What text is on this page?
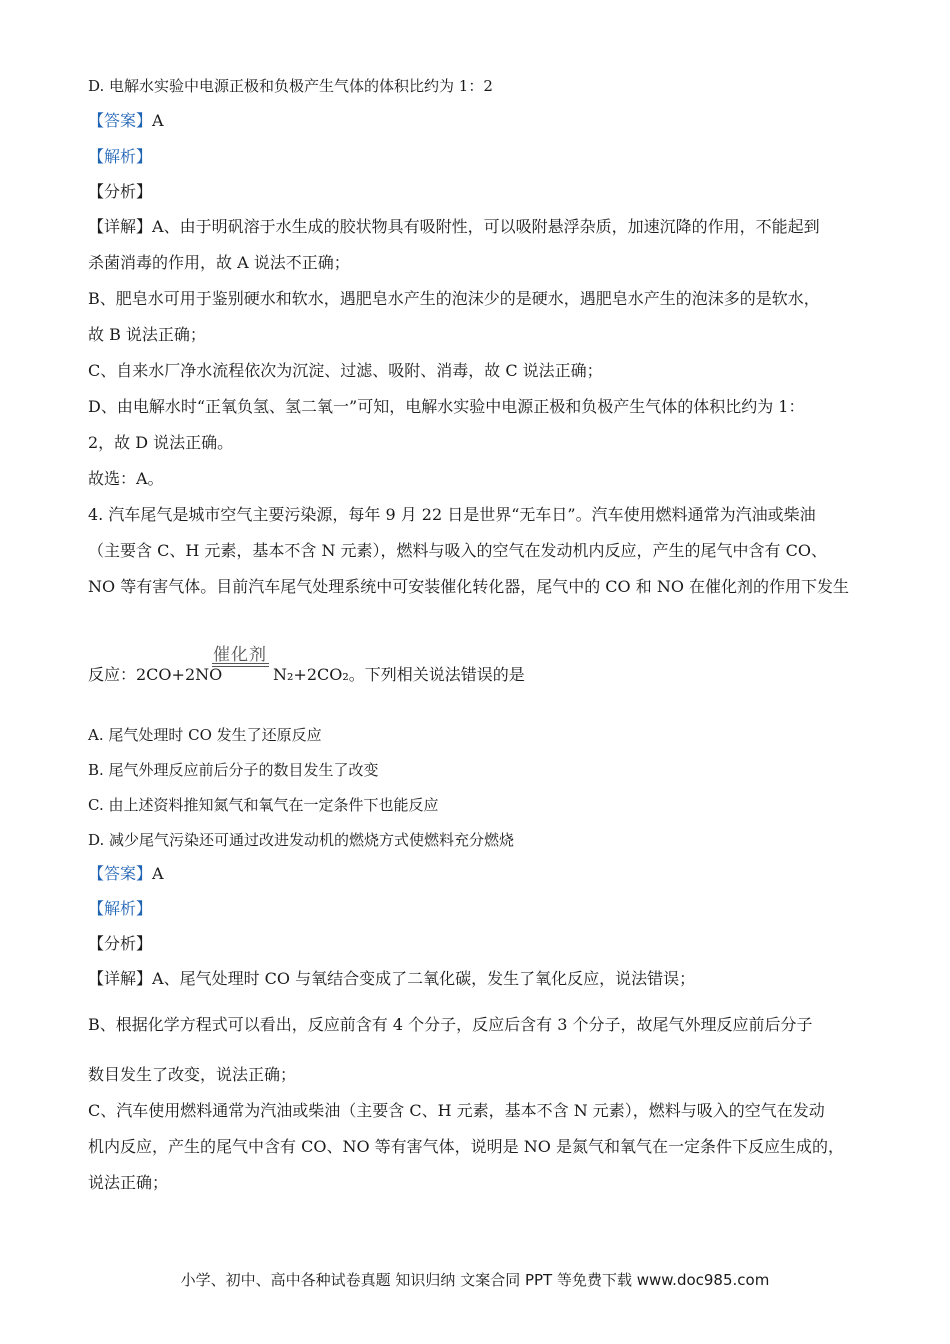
D. 电解水实验中电源正极和负极产生气体的体积比约为 1：2
【答案】A
【解析】
【分析】
【详解】A、由于明矾溶于水生成的胶状物具有吸附性，可以吸附悬浮杂质，加速沉降的作用，不能起到
杀菌消毒的作用，故 A 说法不正确；
B、肥皂水可用于鉴别硬水和软水，遇肥皂水产生的泡沫少的是硬水，遇肥皂水产生的泡沫多的是软水，
故 B 说法正确；
C、自来水厂净水流程依次为沉淀、过滤、吸附、消毒，故 C 说法正确；
D、由电解水时“正氧负氢、氢二氧一”可知，电解水实验中电源正极和负极产生气体的体积比约为 1：
2，故 D 说法正确。
故选：A。
4. 汽车尾气是城市空气主要污染源，每年 9 月 22 日是世界“无车日”。汽车使用燃料通常为汽油或柴油
（主要含 C、H 元素，基本不含 N 元素），燃料与吸入的空气在发动机内反应，产生的尾气中含有 CO、
NO 等有害气体。目前汽车尾气处理系统中可安装催化转化器，尾气中的 CO 和 NO 在催化剂的作用下发生
反应：2CO+2NO
催化剂
N₂+2CO₂。下列相关说法错误的是
A. 尾气处理时 CO 发生了还原反应
B. 尾气外理反应前后分子的数目发生了改变
C. 由上述资料推知氮气和氧气在一定条件下也能反应
D. 减少尾气污染还可通过改进发动机的燃烧方式使燃料充分燃烧
【答案】A
【解析】
【分析】
【详解】A、尾气处理时 CO 与氧结合变成了二氧化碳，发生了氧化反应，说法错误；
B、根据化学方程式可以看出，反应前含有 4 个分子，反应后含有 3 个分子，故尾气外理反应前后分子
数目发生了改变，说法正确；
C、汽车使用燃料通常为汽油或柴油（主要含 C、H 元素，基本不含 N 元素），燃料与吸入的空气在发动
机内反应，产生的尾气中含有 CO、NO 等有害气体，说明是 NO 是氮气和氧气在一定条件下反应生成的，
说法正确；
小学、初中、高中各种试卷真题 知识归纳 文案合同 PPT 等免费下载 www.doc985.com
